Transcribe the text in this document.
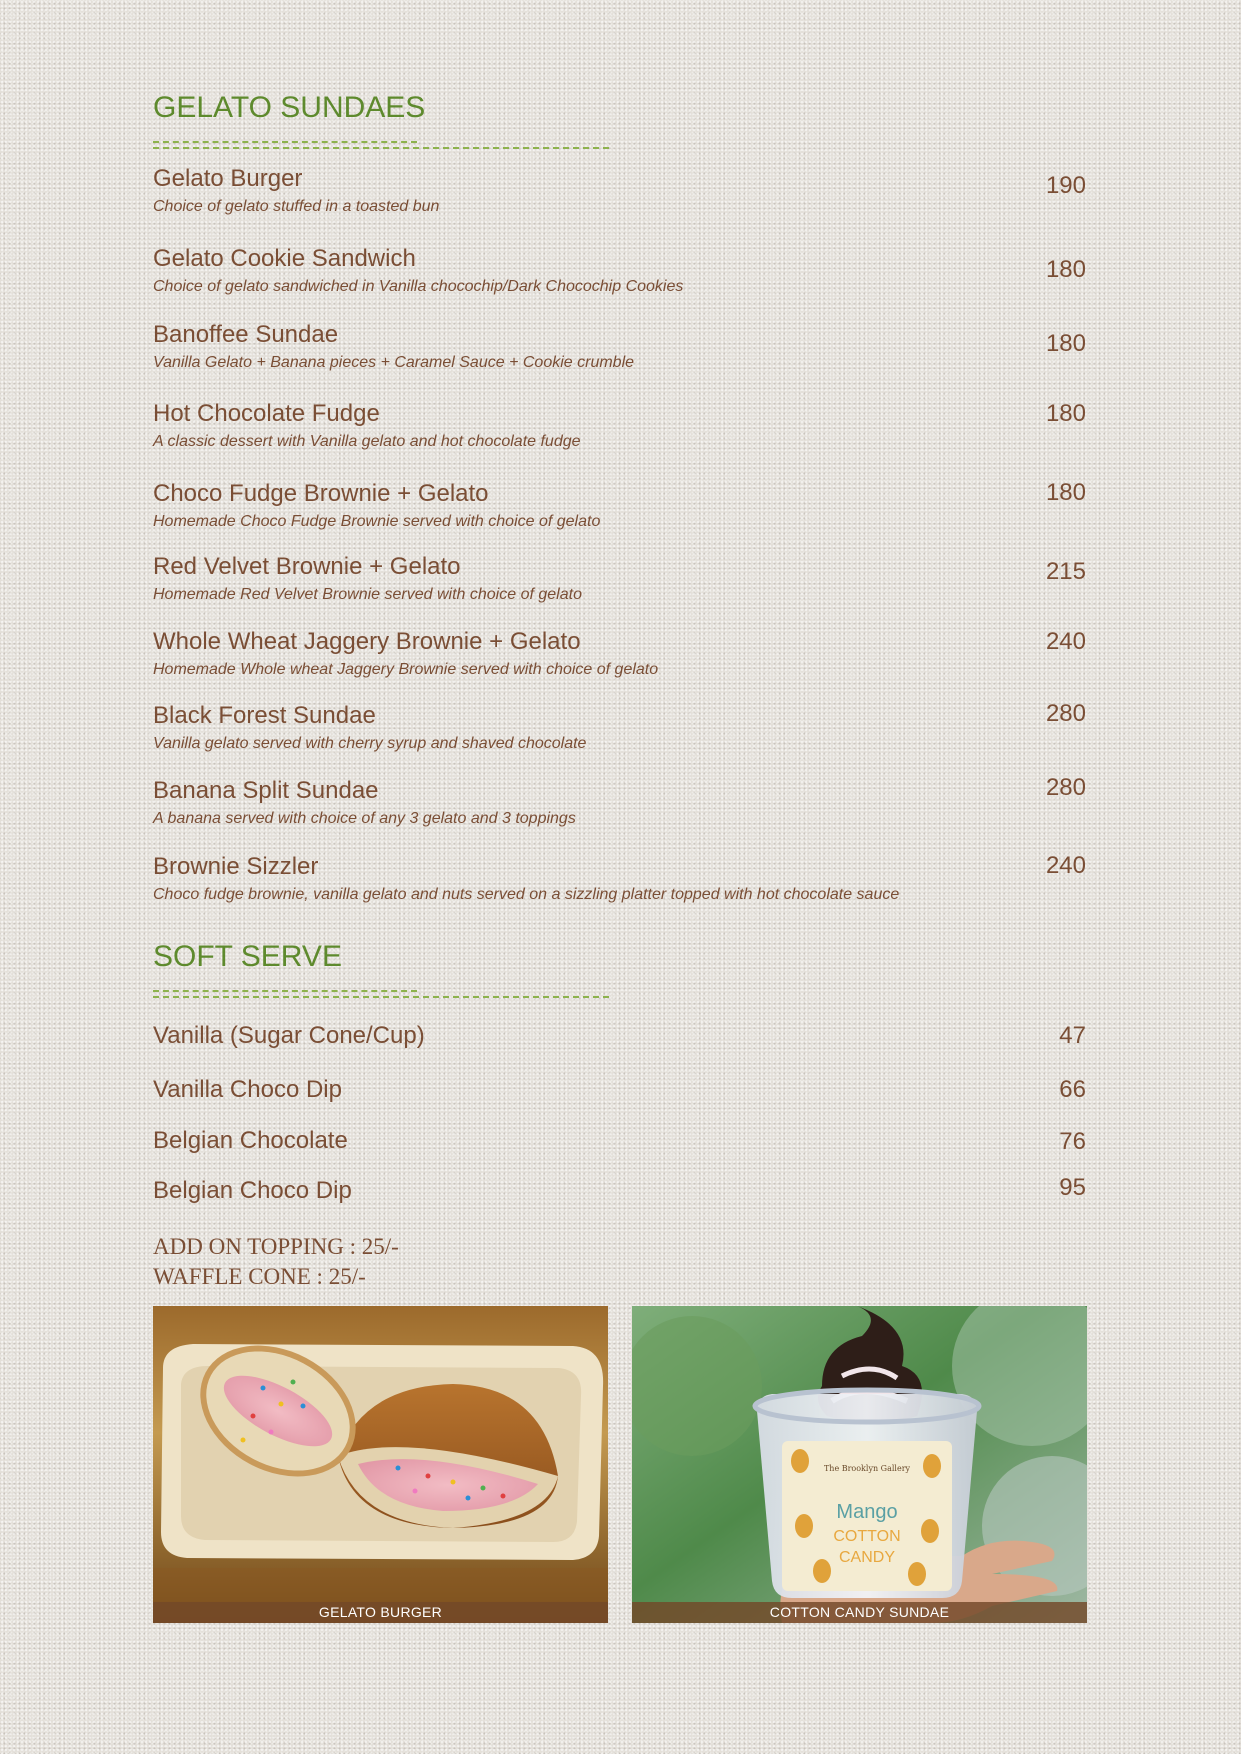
GELATO SUNDAES
Gelato Burger
Choice of gelato stuffed in a toasted bun
190
Gelato Cookie Sandwich
Choice of gelato sandwiched in Vanilla chocochip/Dark Chocochip Cookies
180
Banoffee Sundae
Vanilla Gelato + Banana pieces + Caramel Sauce + Cookie crumble
180
Hot Chocolate Fudge
A classic dessert with Vanilla gelato and hot chocolate fudge
180
Choco Fudge Brownie + Gelato
Homemade Choco Fudge Brownie served with choice of gelato
180
Red Velvet Brownie + Gelato
Homemade Red Velvet Brownie served with choice of gelato
215
Whole Wheat Jaggery Brownie + Gelato
Homemade Whole wheat Jaggery Brownie served with choice of gelato
240
Black Forest Sundae
Vanilla gelato served with cherry syrup and shaved chocolate
280
Banana Split Sundae
A banana served with choice of any 3 gelato and 3 toppings
280
Brownie Sizzler
Choco fudge brownie, vanilla gelato and nuts served on a sizzling platter topped with hot chocolate sauce
240
SOFT SERVE
Vanilla (Sugar Cone/Cup)	47
Vanilla Choco Dip	66
Belgian Chocolate	76
Belgian Choco Dip	95
ADD ON TOPPING : 25/-
WAFFLE CONE : 25/-
GELATO BURGER
The Brooklyn Gallery
Mango
COTTON
CANDY
COTTON CANDY SUNDAE
